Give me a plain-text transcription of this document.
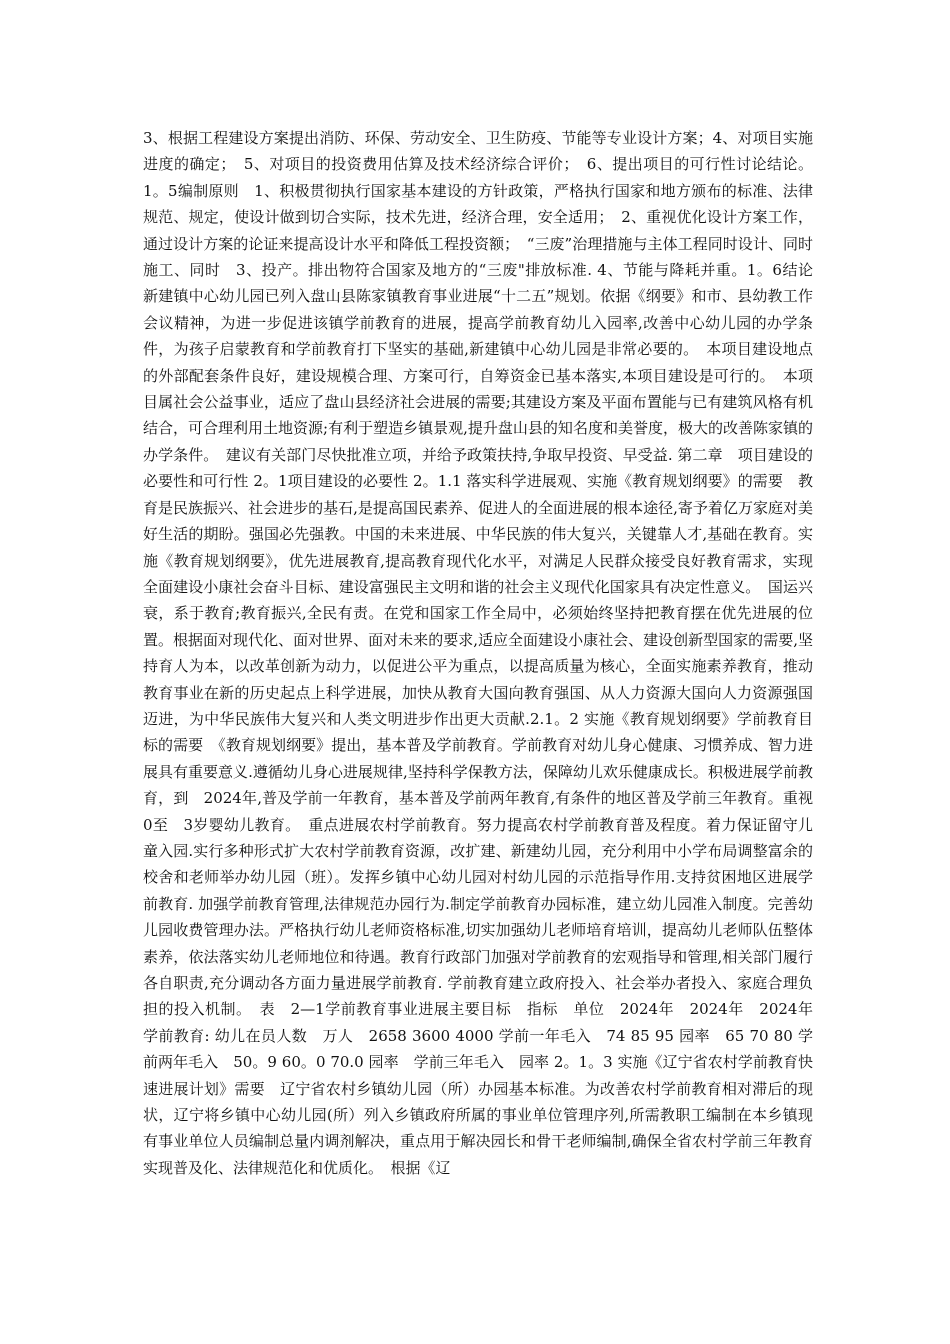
3、根据工程建设方案提出消防、环保、劳动安全、卫生防疫、节能等专业设计方案；4、对项目实施进度的确定；　5、对项目的投资费用估算及技术经济综合评价；　6、提出项目的可行性讨论结论。1。5编制原则　1、积极贯彻执行国家基本建设的方针政策，严格执行国家和地方颁布的标准、法律规范、规定，使设计做到切合实际，技术先进，经济合理，安全适用；　2、重视优化设计方案工作，通过设计方案的论证来提高设计水平和降低工程投资额；　“三废”治理措施与主体工程同时设计、同时施工、同时　3、投产。排出物符合国家及地方的“三废"排放标准. 4、节能与降耗并重。1。6结论　新建镇中心幼儿园已列入盘山县陈家镇教育事业进展“十二五”规划。依据《纲要》和市、县幼教工作会议精神，为进一步促进该镇学前教育的进展，提高学前教育幼儿入园率,改善中心幼儿园的办学条件，为孩子启蒙教育和学前教育打下坚实的基础,新建镇中心幼儿园是非常必要的。　本项目建设地点的外部配套条件良好，建设规模合理、方案可行，自筹资金已基本落实,本项目建设是可行的。　本项目属社会公益事业，适应了盘山县经济社会进展的需要;其建设方案及平面布置能与已有建筑风格有机结合，可合理利用土地资源;有利于塑造乡镇景观,提升盘山县的知名度和美誉度，极大的改善陈家镇的办学条件。　建议有关部门尽快批准立项，并给予政策扶持,争取早投资、早受益. 第二章　项目建设的必要性和可行性 2。1项目建设的必要性 2。1.1 落实科学进展观、实施《教育规划纲要》的需要　教育是民族振兴、社会进步的基石,是提高国民素养、促进人的全面进展的根本途径,寄予着亿万家庭对美好生活的期盼。强国必先强教。中国的未来进展、中华民族的伟大复兴，关键靠人才,基础在教育。实施《教育规划纲要》，优先进展教育,提高教育现代化水平，对满足人民群众接受良好教育需求，实现全面建设小康社会奋斗目标、建设富强民主文明和谐的社会主义现代化国家具有决定性意义。　国运兴衰，系于教育;教育振兴,全民有责。在党和国家工作全局中，必须始终坚持把教育摆在优先进展的位置。根据面对现代化、面对世界、面对未来的要求,适应全面建设小康社会、建设创新型国家的需要,坚持育人为本，以改革创新为动力，以促进公平为重点，以提高质量为核心，全面实施素养教育，推动教育事业在新的历史起点上科学进展，加快从教育大国向教育强国、从人力资源大国向人力资源强国迈进，为中华民族伟大复兴和人类文明进步作出更大贡献.2.1。2 实施《教育规划纲要》学前教育目标的需要　《教育规划纲要》提出，基本普及学前教育。学前教育对幼儿身心健康、习惯养成、智力进展具有重要意义.遵循幼儿身心进展规律,坚持科学保教方法，保障幼儿欢乐健康成长。积极进展学前教育，到　2024年,普及学前一年教育，基本普及学前两年教育,有条件的地区普及学前三年教育。重视　0至　3岁婴幼儿教育。　重点进展农村学前教育。努力提高农村学前教育普及程度。着力保证留守儿童入园.实行多种形式扩大农村学前教育资源，改扩建、新建幼儿园，充分利用中小学布局调整富余的校舍和老师举办幼儿园（班）。发挥乡镇中心幼儿园对村幼儿园的示范指导作用.支持贫困地区进展学前教育. 加强学前教育管理,法律规范办园行为.制定学前教育办园标准，建立幼儿园准入制度。完善幼儿园收费管理办法。严格执行幼儿老师资格标准,切实加强幼儿老师培育培训，提高幼儿老师队伍整体素养，依法落实幼儿老师地位和待遇。教育行政部门加强对学前教育的宏观指导和管理,相关部门履行各自职责,充分调动各方面力量进展学前教育. 学前教育建立政府投入、社会举办者投入、家庭合理负担的投入机制。　表　2—1学前教育事业进展主要目标　指标　单位　2024年　2024年　2024年　学前教育: 幼儿在员人数　万人　2658 3600 4000 学前一年毛入　74 85 95 园率　65 70 80 学前两年毛入　50。9 60。0 70.0 园率　学前三年毛入　园率 2。1。3 实施《辽宁省农村学前教育快速进展计划》需要　辽宁省农村乡镇幼儿园（所）办园基本标准。为改善农村学前教育相对滞后的现状，辽宁将乡镇中心幼儿园(所）列入乡镇政府所属的事业单位管理序列,所需教职工编制在本乡镇现有事业单位人员编制总量内调剂解决，重点用于解决园长和骨干老师编制,确保全省农村学前三年教育实现普及化、法律规范化和优质化。　根据《辽
